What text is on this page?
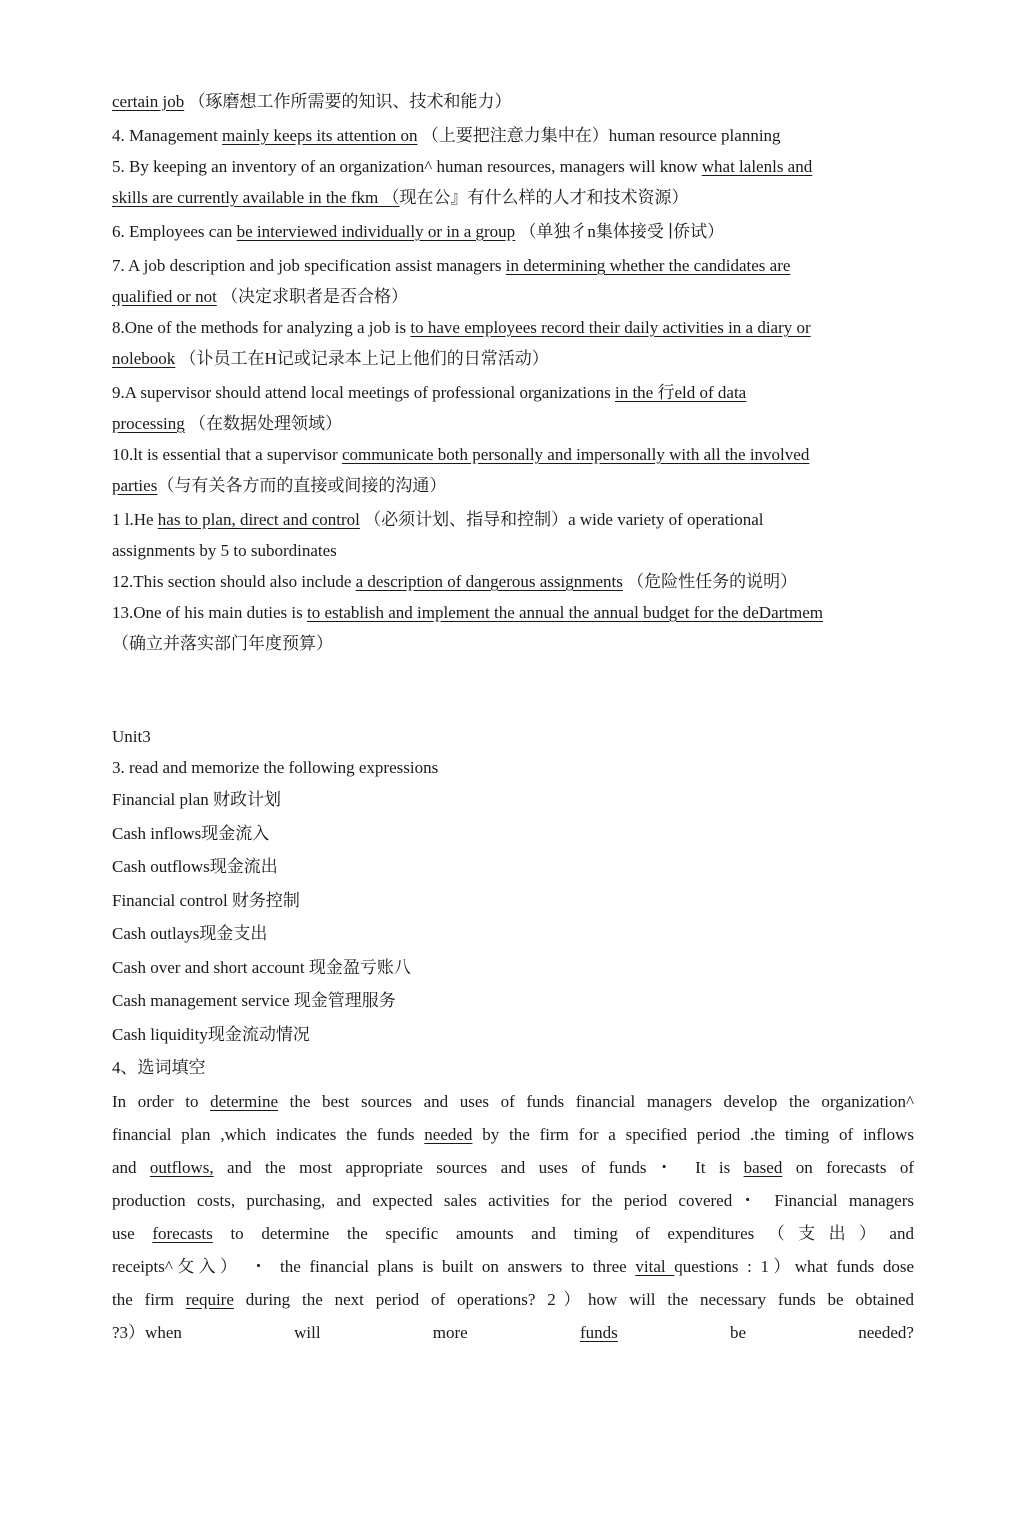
certain job （琢磨想工作所需要的知识、技术和能力）

4. Management mainly keeps its attention on （上要把注意力集中在）human resource planning

5. By keeping an inventory of an organization^ human resources, managers will know what lalenls and

skills are currently available in the fkm （现在公』有什么样的人才和技术资源）

6. Employees can be interviewed individually or in a group （单独彳n集体接受 ∣侨试）

7. A job description and job specification assist managers in determining whether the candidates are

qualified or not （决定求职者是否合格）

8.One of the methods for analyzing a job is to have employees record their daily activities in a diary or

nolebook （讣员工在H记或记录本上记上他们的日常活动）

9.A supervisor should attend local meetings of professional organizations in the 行eld of data

processing （在数据处理领域）

10.lt is essential that a supervisor communicate both personally and impersonally with all the involved

parties（与有关各方而的直接或间接的沟通）

1 l.He has to plan, direct and control （必须计划、指导和控制）a wide variety of operational

assignments by 5 to subordinates

12.This section should also include a description of dangerous assignments （危险性任务的说明）

13.One of his main duties is to establish and implement the annual the annual budget for the deDartmem

（确立并落实部门年度预算）

Unit3

3. read and memorize the following expressions

Financial plan 财政计划

Cash inflows现金流入

Cash outflows现金流出

Financial control 财务控制

Cash outlays现金支出

Cash over and short account 现金盈亏账八

Cash management service 现金管理服务

Cash liquidity现金流动情况

4、选词填空

In order to determine the best sources and uses of funds financial managers develop the organization^
financial plan ,which indicates the funds needed by the firm for a specified period .the timing of inflows
and outflows, and the most appropriate sources and uses of funds・ It is based on forecasts of
production costs, purchasing, and expected sales activities for the period covered・ Financial managers
use forecasts to determine the specific amounts and timing of expenditures（支出）and
receipts^攵入） ・ the financial plans is built on answers to three vital questions : 1）what funds dose
the firm require during the next period of operations? 2）how will the necessary funds be obtained
?3）when	will	more	funds	be	needed?
